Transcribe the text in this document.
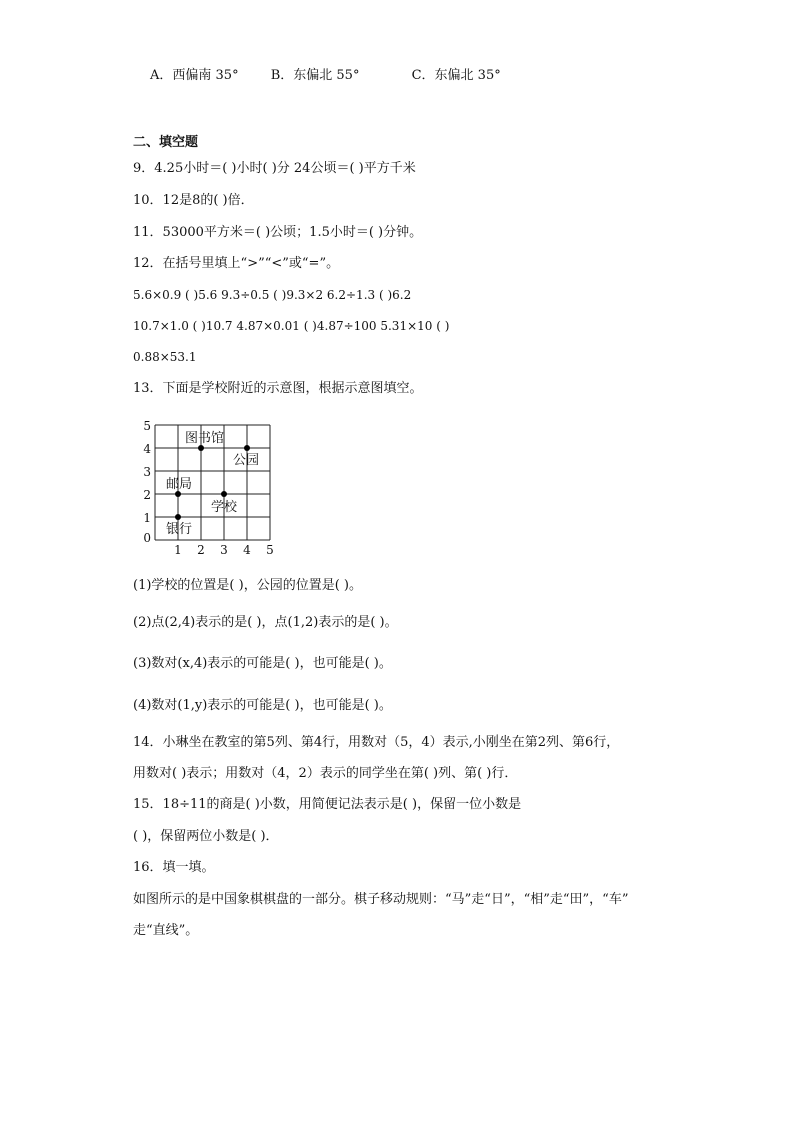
A．西偏南 35° B．东偏北 55°	C．东偏北 35°
二、填空题
9．4.25小时＝( )小时( )分 24公顷＝( )平方千米
10．12是8的( )倍．
11．53000平方米＝( )公顷；1.5小时＝( )分钟。
12．在括号里填上“>”“<”或“=”。
5.6×0.9 ( )5.6 9.3÷0.5 ( )9.3×2 6.2÷1.3 ( )6.2
10.7×1.0 ( )10.7 4.87×0.01 ( )4.87÷100 5.31×10 ( )
0.88×53.1
13．下面是学校附近的示意图，根据示意图填空。
5
4
3
2
1
0
1 2 3 4 5
图书馆
公园
邮局
学校
银行
(1)学校的位置是( )，公园的位置是( )。
(2)点(2,4)表示的是( )，点(1,2)表示的是( )。
(3)数对(x,4)表示的可能是( )，也可能是( )。
(4)数对(1,y)表示的可能是( )，也可能是( )。
14．小琳坐在教室的第5列、第4行，用数对（5，4）表示,小刚坐在第2列、第6行，
用数对( )表示；用数对（4，2）表示的同学坐在第( )列、第( )行．
15．18÷11的商是( )小数，用简便记法表示是( )，保留一位小数是
( )，保留两位小数是( )．
16．填一填。
如图所示的是中国象棋棋盘的一部分。棋子移动规则：“马”走“日”，“相”走“田”，“车”
走“直线”。
